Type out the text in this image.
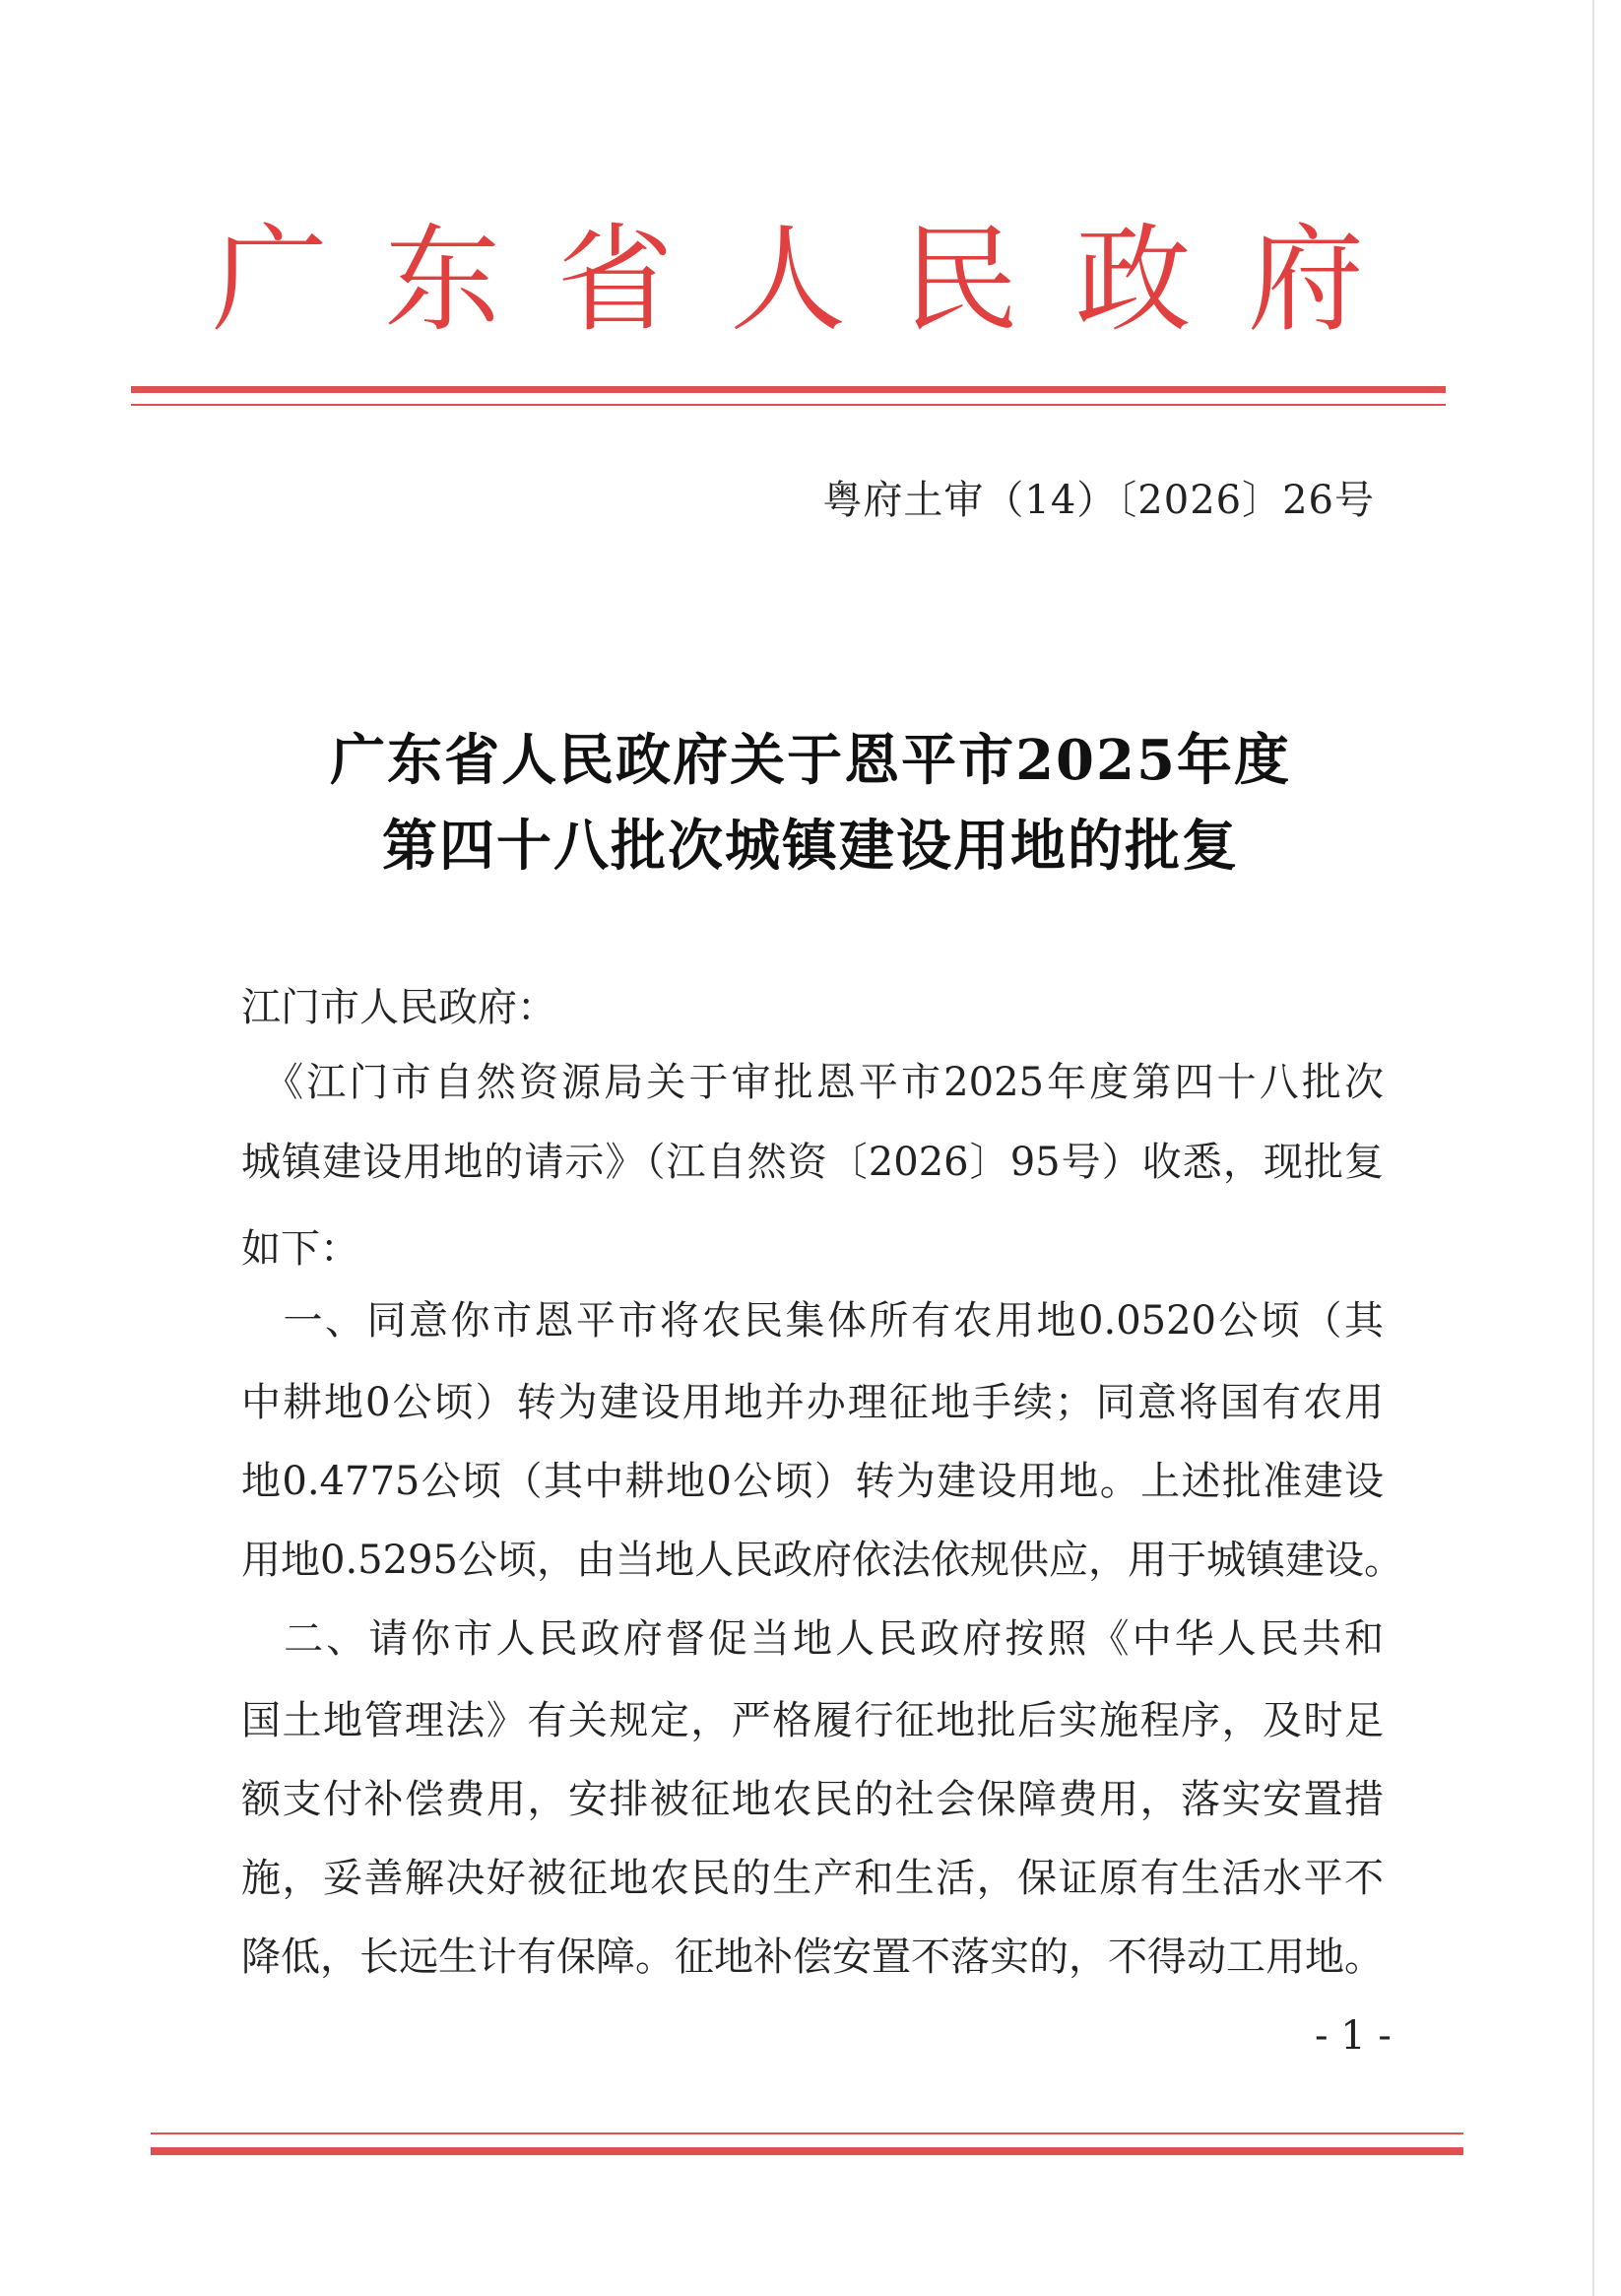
广 东 省 人 民 政 府
粤府土审（14）〔2026〕26号
广东省人民政府关于恩平市2025年度
第四十八批次城镇建设用地的批复
江门市人民政府：
　《江门市自然资源局关于审批恩平市2025年度第四十八批次
城镇建设用地的请示》（江自然资〔2026〕95号）收悉，现批复
如下：
　一、同意你市恩平市将农民集体所有农用地0.0520公顷（其
中耕地0公顷）转为建设用地并办理征地手续；同意将国有农用
地0.4775公顷（其中耕地0公顷）转为建设用地。上述批准建设
用地0.5295公顷，由当地人民政府依法依规供应，用于城镇建设。
　二、请你市人民政府督促当地人民政府按照《中华人民共和
国土地管理法》有关规定，严格履行征地批后实施程序，及时足
额支付补偿费用，安排被征地农民的社会保障费用，落实安置措
施，妥善解决好被征地农民的生产和生活，保证原有生活水平不
降低，长远生计有保障。征地补偿安置不落实的，不得动工用地。
- 1 -
